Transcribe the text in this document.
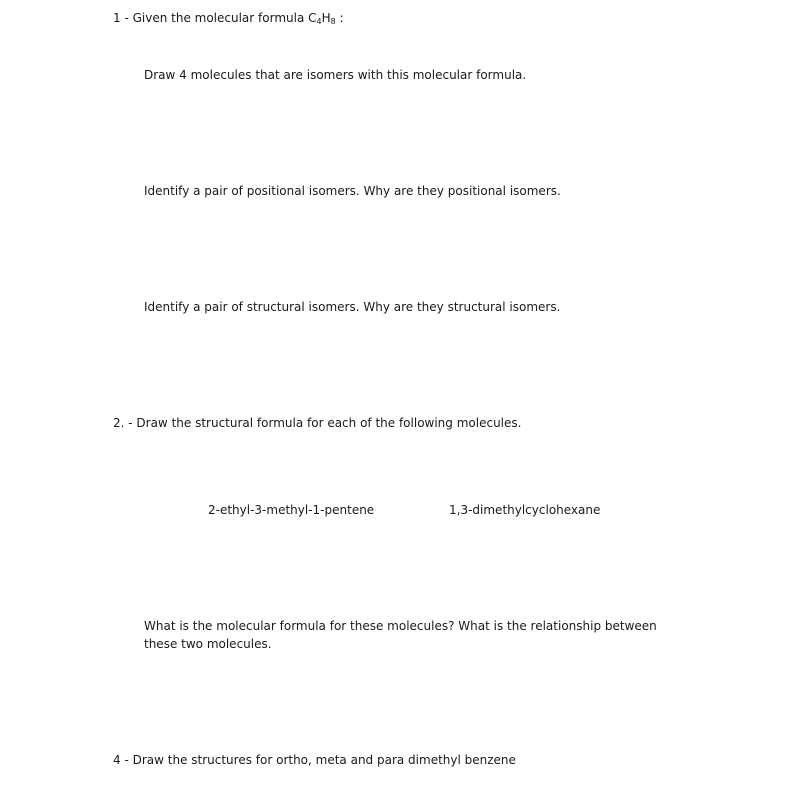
1 - Given the molecular formula $C_4H_8$ :
Draw 4 molecules that are isomers with this molecular formula.
Identify a pair of positional isomers. Why are they positional isomers.
Identify a pair of structural isomers. Why are they structural isomers.
2. - Draw the structural formula for each of the following molecules.
2-ethyl-3-methyl-1-pentene	1,3-dimethylcyclohexane
What is the molecular formula for these molecules? What is the relationship between
these two molecules.
4 - Draw the structures for ortho, meta and para dimethyl benzene
